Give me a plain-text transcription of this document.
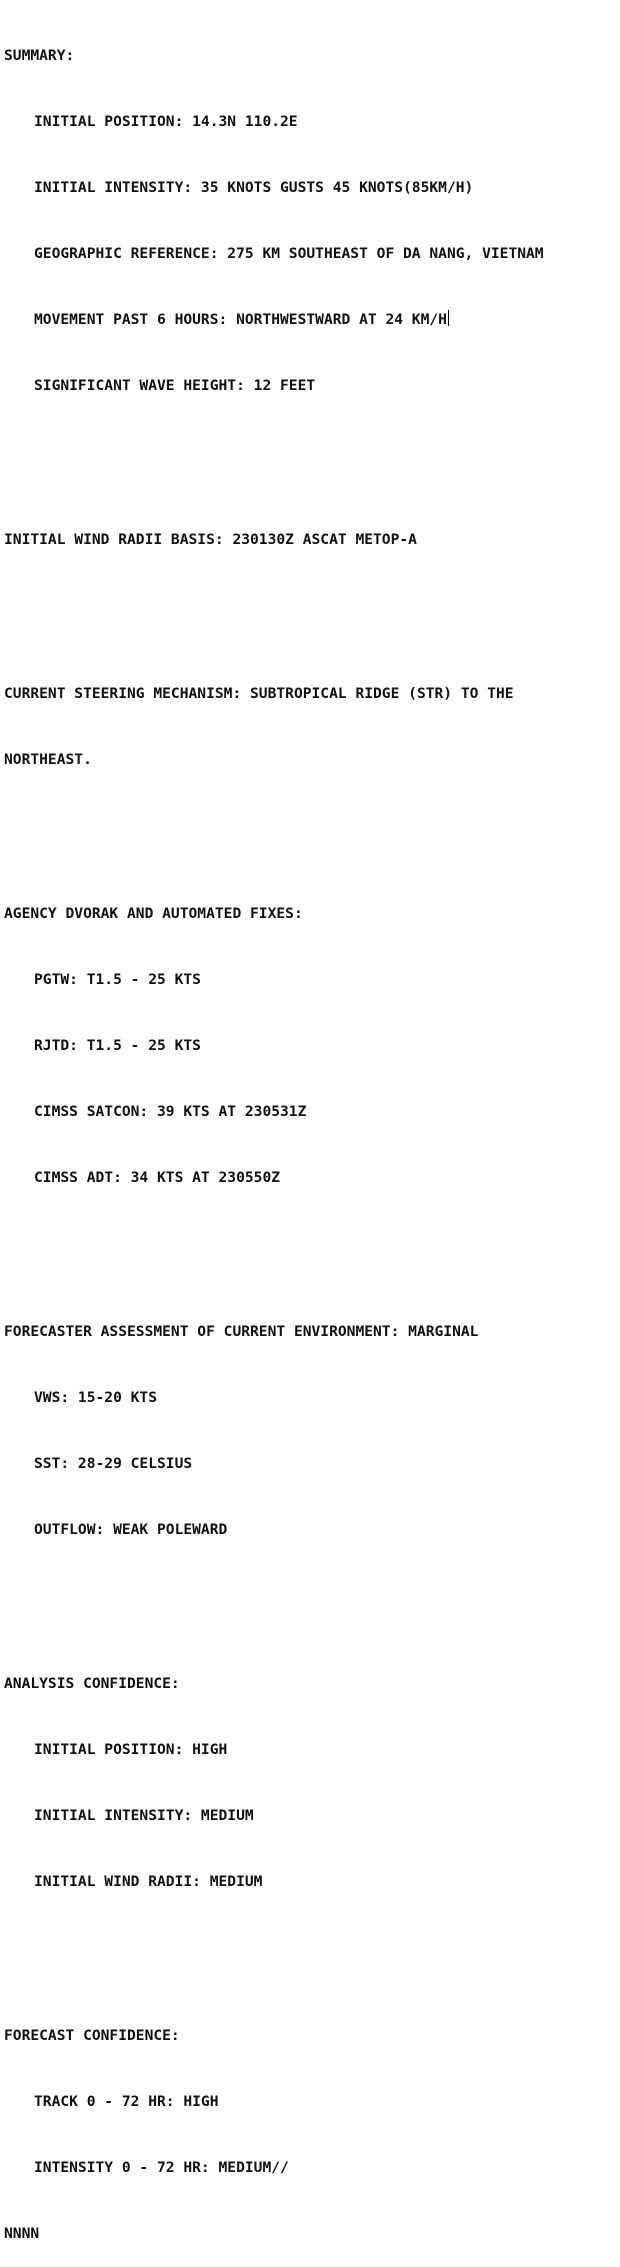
SUMMARY:

INITIAL POSITION: 14.3N 110.2E

INITIAL INTENSITY: 35 KNOTS GUSTS 45 KNOTS(85KM/H)

GEOGRAPHIC REFERENCE: 275 KM SOUTHEAST OF DA NANG, VIETNAM

MOVEMENT PAST 6 HOURS: NORTHWESTWARD AT 24 KM/H

SIGNIFICANT WAVE HEIGHT: 12 FEET

INITIAL WIND RADII BASIS: 230130Z ASCAT METOP-A

CURRENT STEERING MECHANISM: SUBTROPICAL RIDGE (STR) TO THE

NORTHEAST.

AGENCY DVORAK AND AUTOMATED FIXES:

PGTW: T1.5 - 25 KTS

RJTD: T1.5 - 25 KTS

CIMSS SATCON: 39 KTS AT 230531Z

CIMSS ADT: 34 KTS AT 230550Z

FORECASTER ASSESSMENT OF CURRENT ENVIRONMENT: MARGINAL

VWS: 15-20 KTS

SST: 28-29 CELSIUS

OUTFLOW: WEAK POLEWARD

ANALYSIS CONFIDENCE:

INITIAL POSITION: HIGH

INITIAL INTENSITY: MEDIUM

INITIAL WIND RADII: MEDIUM

FORECAST CONFIDENCE:

TRACK 0 - 72 HR: HIGH

INTENSITY 0 - 72 HR: MEDIUM//

NNNN
